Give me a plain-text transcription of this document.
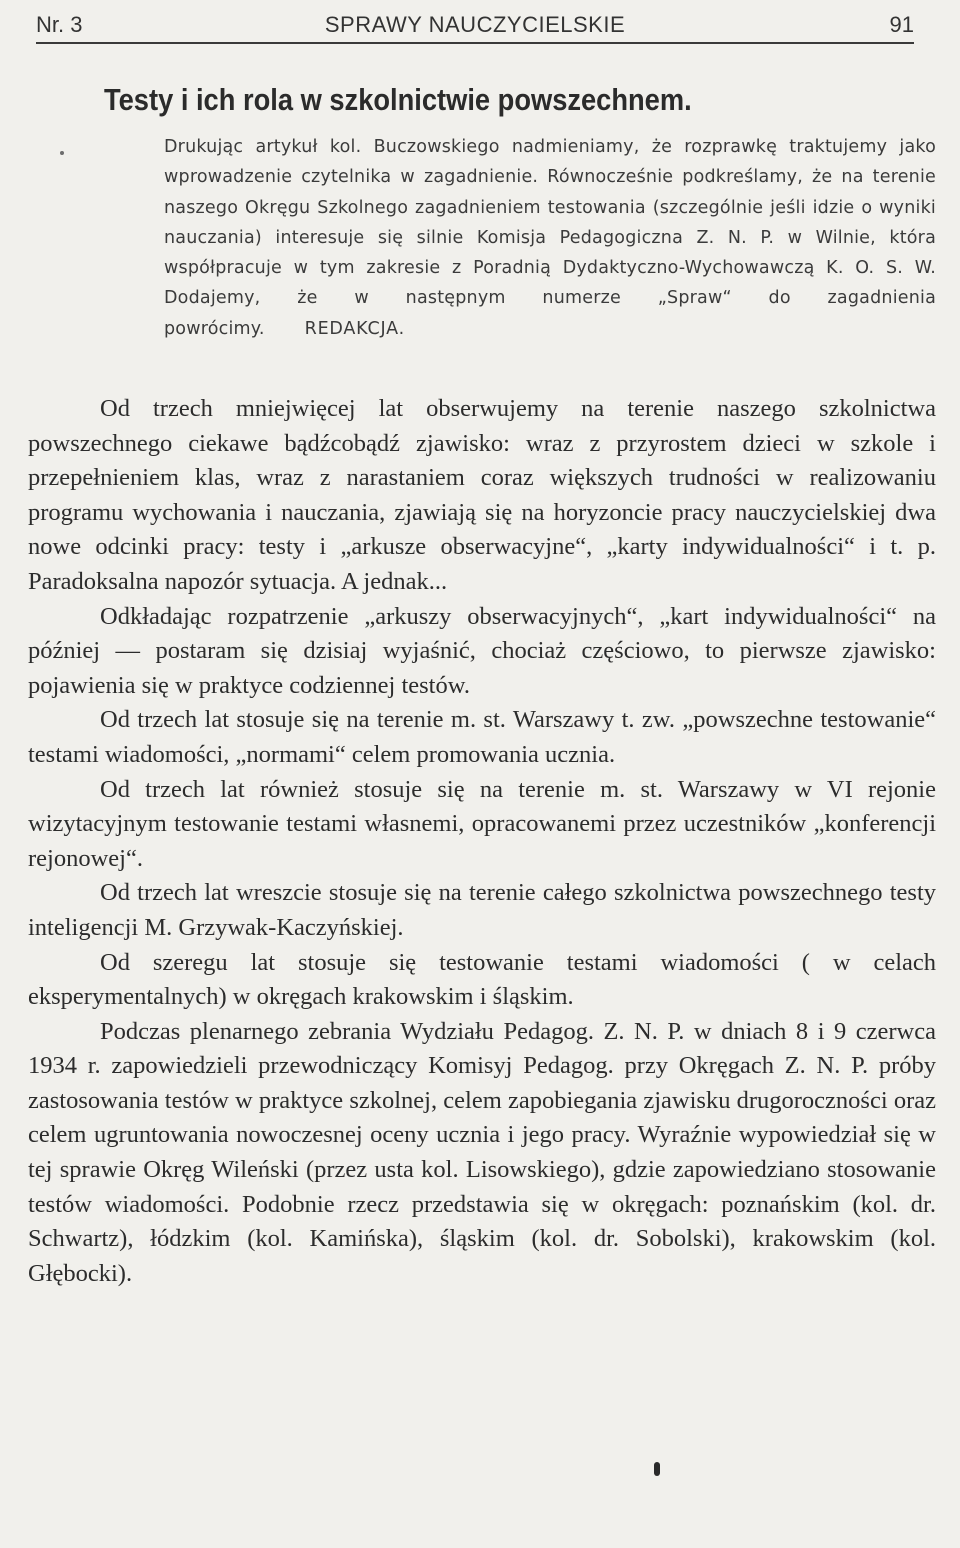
Nr. 3	SPRAWY NAUCZYCIELSKIE	91
Testy i ich rola w szkolnictwie powszechnem.

Drukując artykuł kol. Buczowskiego nadmieniamy, że rozprawkę traktujemy jako wprowadzenie czytelnika w zagadnienie. Równocześnie podkreślamy, że na terenie naszego Okręgu Szkolnego zagadnieniem testowania (szczególnie jeśli idzie o wyniki nauczania) interesuje się silnie Komisja Pedagogiczna Z. N. P. w Wilnie, która współpracuje w tym zakresie z Poradnią Dydaktyczno-Wychowawczą K. O. S. W. Dodajemy, że w następnym numerze „Spraw“ do zagadnienia powrócimy. REDAKCJA.

Od trzech mniejwięcej lat obserwujemy na terenie naszego szkolnictwa powszechnego ciekawe bądźcobądź zjawisko: wraz z przyrostem dzieci w szkole i przepełnieniem klas, wraz z narastaniem coraz większych trudności w realizowaniu programu wychowania i nauczania, zjawiają się na horyzoncie pracy nauczycielskiej dwa nowe odcinki pracy: testy i „arkusze obserwacyjne“, „karty indywidualności“ i t. p. Paradoksalna napozór sytuacja. A jednak...

Odkładając rozpatrzenie „arkuszy obserwacyjnych“, „kart indywidualności“ na później — postaram się dzisiaj wyjaśnić, chociaż częściowo, to pierwsze zjawisko: pojawienia się w praktyce codziennej testów.

Od trzech lat stosuje się na terenie m. st. Warszawy t. zw. „powszechne testowanie“ testami wiadomości, „normami“ celem promowania ucznia.

Od trzech lat również stosuje się na terenie m. st. Warszawy w VI rejonie wizytacyjnym testowanie testami własnemi, opracowanemi przez uczestników „konferencji rejonowej“.

Od trzech lat wreszcie stosuje się na terenie całego szkolnictwa powszechnego testy inteligencji M. Grzywak-Kaczyńskiej.

Od szeregu lat stosuje się testowanie testami wiadomości ( w celach eksperymentalnych) w okręgach krakowskim i śląskim.

Podczas plenarnego zebrania Wydziału Pedagog. Z. N. P. w dniach 8 i 9 czerwca 1934 r. zapowiedzieli przewodniczący Komisyj Pedagog. przy Okręgach Z. N. P. próby zastosowania testów w praktyce szkolnej, celem zapobiegania zjawisku drugoroczności oraz celem ugruntowania nowoczesnej oceny ucznia i jego pracy. Wyraźnie wypowiedział się w tej sprawie Okręg Wileński (przez usta kol. Lisowskiego), gdzie zapowiedziano stosowanie testów wiadomości. Podobnie rzecz przedstawia się w okręgach: poznańskim (kol. dr. Schwartz), łódzkim (kol. Kamińska), śląskim (kol. dr. Sobolski), krakowskim (kol. Głębocki).
